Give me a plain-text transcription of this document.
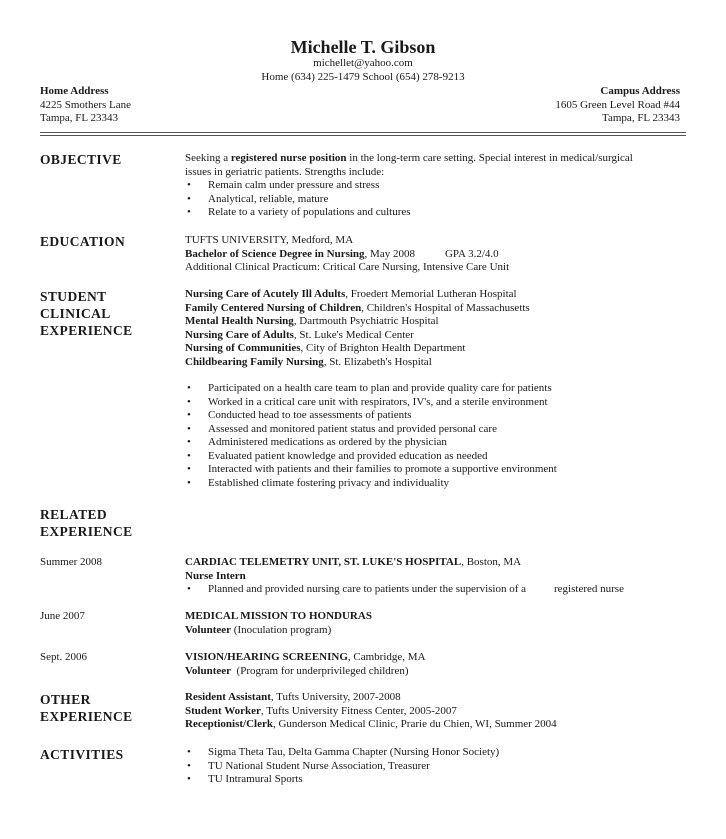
Michelle T. Gibson
michellet@yahoo.com
Home (634) 225-1479 School (654) 278-9213
Home Address
4225 Smothers Lane
Tampa, FL 23343
Campus Address
1605 Green Level Road #44
Tampa, FL 23343
OBJECTIVE	Seeking a registered nurse position in the long-term care setting. Special interest in medical/surgical

issues in geriatric patients. Strengths include:

• Remain calm under pressure and stress
• Analytical, reliable, mature
• Relate to a variety of populations and cultures
EDUCATION	TUFTS UNIVERSITY, Medford, MA

Bachelor of Science Degree in Nursing, May 2008	GPA 3.2/4.0

Additional Clinical Practicum: Critical Care Nursing, Intensive Care Unit

STUDENT
CLINICAL
EXPERIENCE

Nursing Care of Acutely Ill Adults, Froedert Memorial Lutheran Hospital

Family Centered Nursing of Children, Children's Hospital of Massachusetts

Mental Health Nursing, Dartmouth Psychiatric Hospital

Nursing Care of Adults, St. Luke's Medical Center

Nursing of Communities, City of Brighton Health Department

Childbearing Family Nursing, St. Elizabeth's Hospital

• Participated on a health care team to plan and provide quality care for patients
• Worked in a critical care unit with respirators, IV's, and a sterile environment
• Conducted head to toe assessments of patients
• Assessed and monitored patient status and provided personal care
• Administered medications as ordered by the physician
• Evaluated patient knowledge and provided education as needed
• Interacted with patients and their families to promote a supportive environment
• Established climate fostering privacy and individuality
RELATED
EXPERIENCE
Summer 2008	CARDIAC TELEMETRY UNIT, ST. LUKE'S HOSPITAL, Boston, MA

Nurse Intern

• Planned and provided nursing care to patients under the supervision of a	registered nurse
June 2007	MEDICAL MISSION TO HONDURAS

Volunteer (Inoculation program)

Sept. 2006	VISION/HEARING SCREENING, Cambridge, MA

Volunteer  (Program for underprivileged children)

OTHER
EXPERIENCE

Resident Assistant, Tufts University, 2007-2008

Student Worker, Tufts University Fitness Center, 2005-2007

Receptionist/Clerk, Gunderson Medical Clinic, Prarie du Chien, WI, Summer 2004

ACTIVITIES
•	Sigma Theta Tau, Delta Gamma Chapter (Nursing Honor Society)
• TU National Student Nurse Association, Treasurer
• TU Intramural Sports
